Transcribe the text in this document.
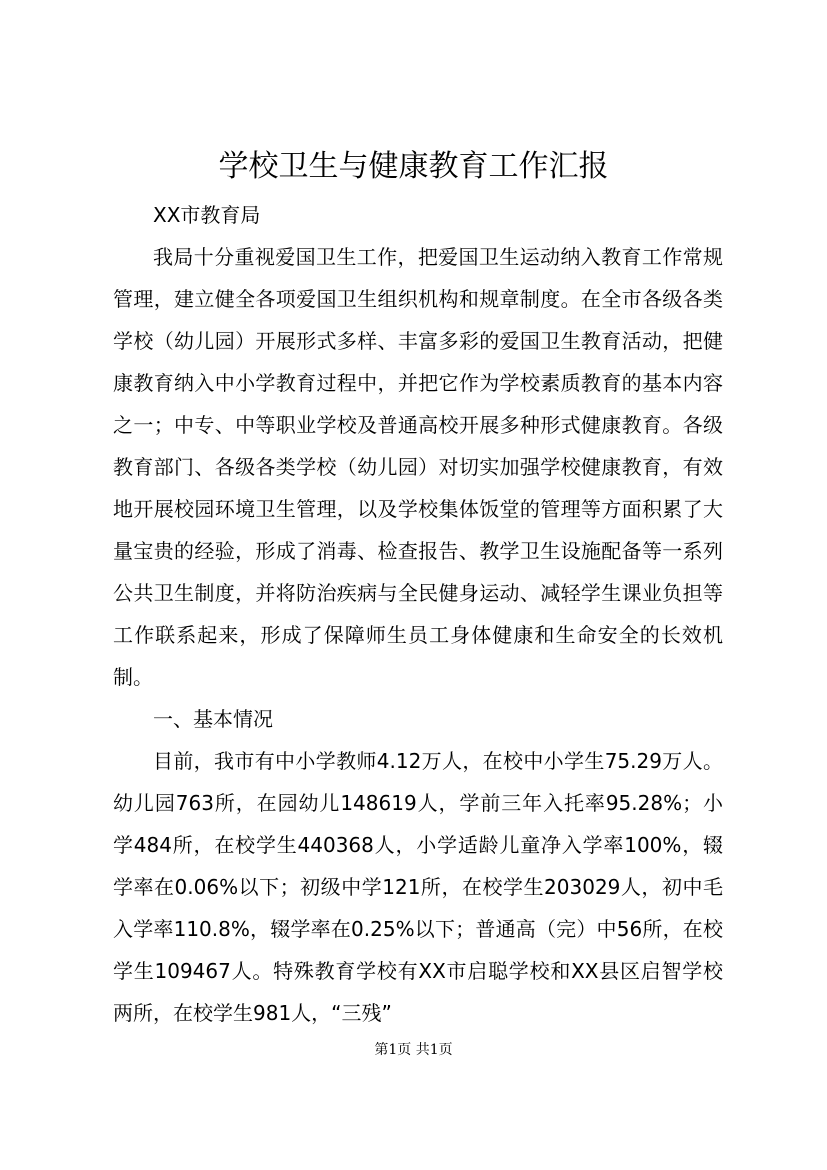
学校卫生与健康教育工作汇报

XX市教育局

我局十分重视爱国卫生工作，把爱国卫生运动纳入教育工作常规管理，建立健全各项爱国卫生组织机构和规章制度。在全市各级各类学校（幼儿园）开展形式多样、丰富多彩的爱国卫生教育活动，把健康教育纳入中小学教育过程中，并把它作为学校素质教育的基本内容之一；中专、中等职业学校及普通高校开展多种形式健康教育。各级教育部门、各级各类学校（幼儿园）对切实加强学校健康教育，有效地开展校园环境卫生管理，以及学校集体饭堂的管理等方面积累了大量宝贵的经验，形成了消毒、检查报告、教学卫生设施配备等一系列公共卫生制度，并将防治疾病与全民健身运动、减轻学生课业负担等工作联系起来，形成了保障师生员工身体健康和生命安全的长效机制。

一、基本情况

目前，我市有中小学教师4.12万人，在校中小学生75.29万人。幼儿园763所，在园幼儿148619人，学前三年入托率95.28%；小学484所，在校学生440368人，小学适龄儿童净入学率100%，辍学率在0.06%以下；初级中学121所，在校学生203029人，初中毛入学率110.8%，辍学率在0.25%以下；普通高（完）中56所，在校学生109467人。特殊教育学校有XX市启聪学校和XX县区启智学校两所，在校学生981人，“三残”

第1页 共1页
